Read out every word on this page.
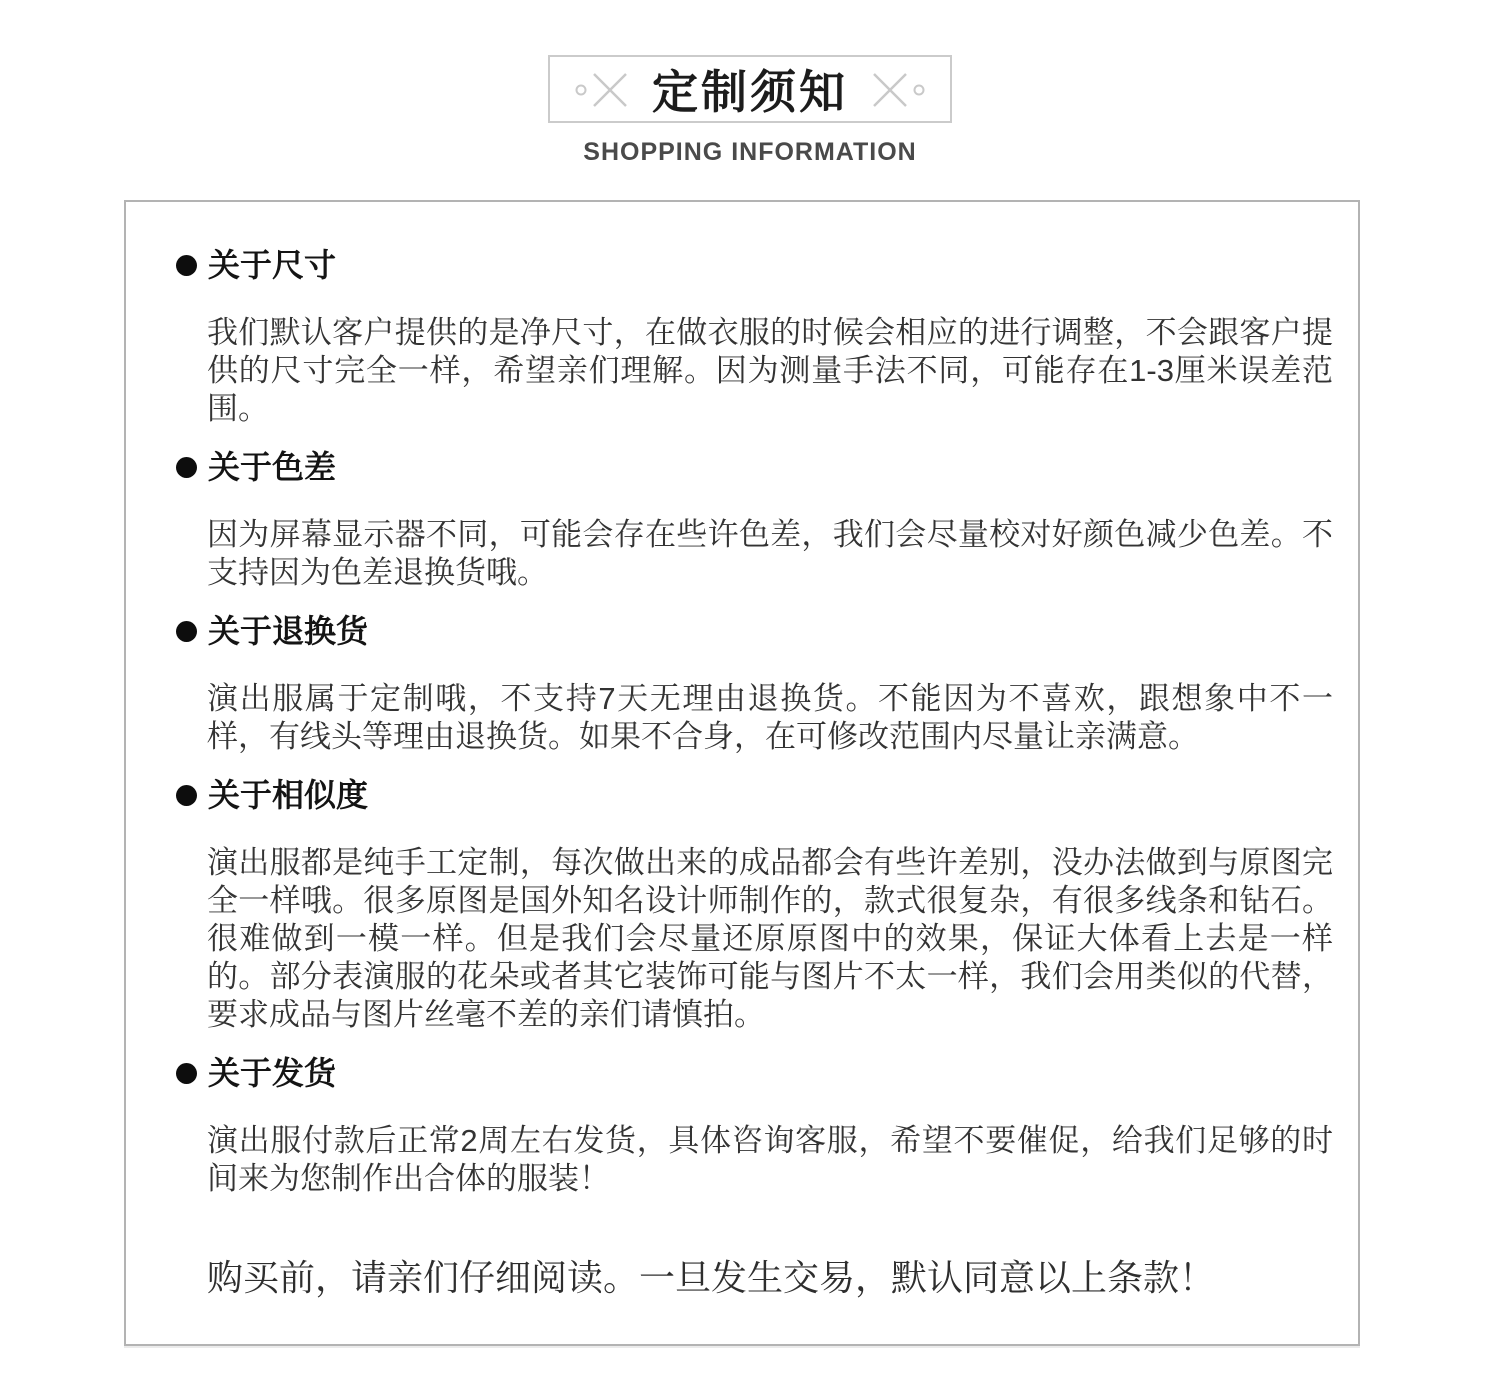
定制须知
SHOPPING INFORMATION
关于尺寸

我们默认客户提供的是净尺寸，在做衣服的时候会相应的进行调整，不会跟客户提供的尺寸完全一样，希望亲们理解。因为测量手法不同，可能存在1-3厘米误差范围。

关于色差

因为屏幕显示器不同，可能会存在些许色差，我们会尽量校对好颜色减少色差。不支持因为色差退换货哦。

关于退换货

演出服属于定制哦，不支持7天无理由退换货。不能因为不喜欢，跟想象中不一样，有线头等理由退换货。如果不合身，在可修改范围内尽量让亲满意。

关于相似度

演出服都是纯手工定制，每次做出来的成品都会有些许差别，没办法做到与原图完全一样哦。很多原图是国外知名设计师制作的，款式很复杂，有很多线条和钻石。很难做到一模一样。但是我们会尽量还原原图中的效果，保证大体看上去是一样的。部分表演服的花朵或者其它装饰可能与图片不太一样，我们会用类似的代替，要求成品与图片丝毫不差的亲们请慎拍。

关于发货

演出服付款后正常2周左右发货，具体咨询客服，希望不要催促，给我们足够的时间来为您制作出合体的服装！

购买前，请亲们仔细阅读。一旦发生交易，默认同意以上条款！
